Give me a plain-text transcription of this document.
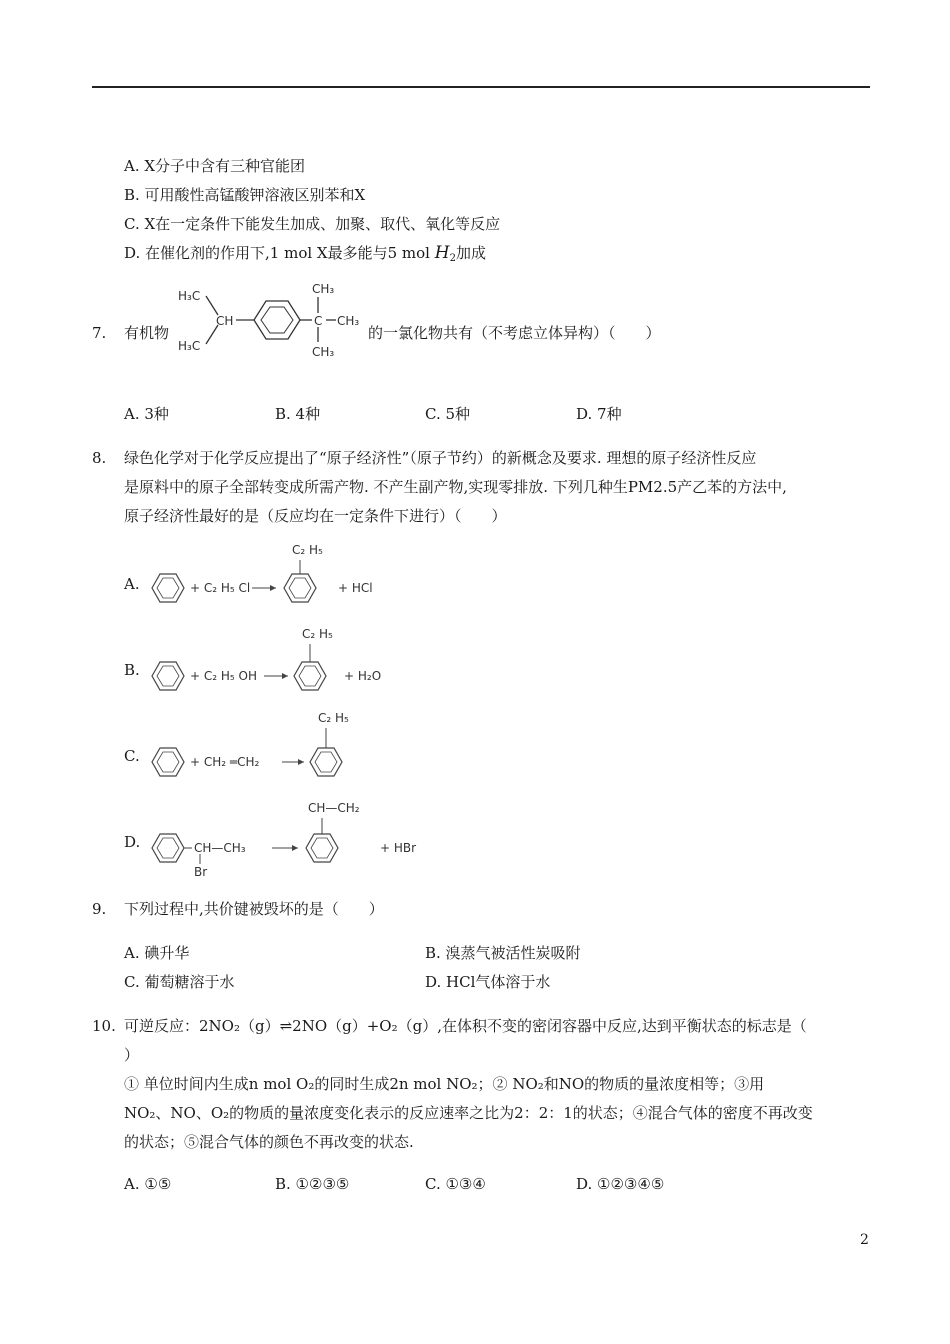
A. X分子中含有三种官能团
B. 可用酸性高锰酸钾溶液区别苯和X
C. X在一定条件下能发生加成、加聚、取代、氧化等反应
D. 在催化剂的作用下,1 mol X最多能与5 mol $H_2$加成
7. 有机物
H₃C
H₃C
CH	C
CH₃
CH₃
CH₃
的一氯化物共有（不考虑立体异构）（　　）
A. 3种	B. 4种	C. 5种	D. 7种
8. 绿色化学对于化学反应提出了“原子经济性”（原子节约）的新概念及要求. 理想的原子经济性反应
是原料中的原子全部转变成所需产物. 不产生副产物,实现零排放. 下列几种生PM2.5产乙苯的方法中,
原子经济性最好的是（反应均在一定条件下进行）（　　）
A.	+ C₂ H₅ Cl
C₂ H₅
+ HCl
B.	+ C₂ H₅ OH
C₂ H₅
+ H₂O
C.	+ CH₂ ═CH₂
C₂ H₅
D.	CH—CH₃
Br
CH—CH₂
+ HBr
9. 下列过程中,共价键被毁坏的是（　　）
A. 碘升华	B. 溴蒸气被活性炭吸附
C. 葡萄糖溶于水	D. HCl气体溶于水
10. 可逆反应：2NO₂（g）⇌2NO（g）+O₂（g）,在体积不变的密闭容器中反应,达到平衡状态的标志是（
）
① 单位时间内生成n mol O₂的同时生成2n mol NO₂；② NO₂和NO的物质的量浓度相等；③用
NO₂、NO、O₂的物质的量浓度变化表示的反应速率之比为2：2：1的状态；④混合气体的密度不再改变
的状态；⑤混合气体的颜色不再改变的状态.
A. ①⑤	B. ①②③⑤	C. ①③④	D. ①②③④⑤
2
